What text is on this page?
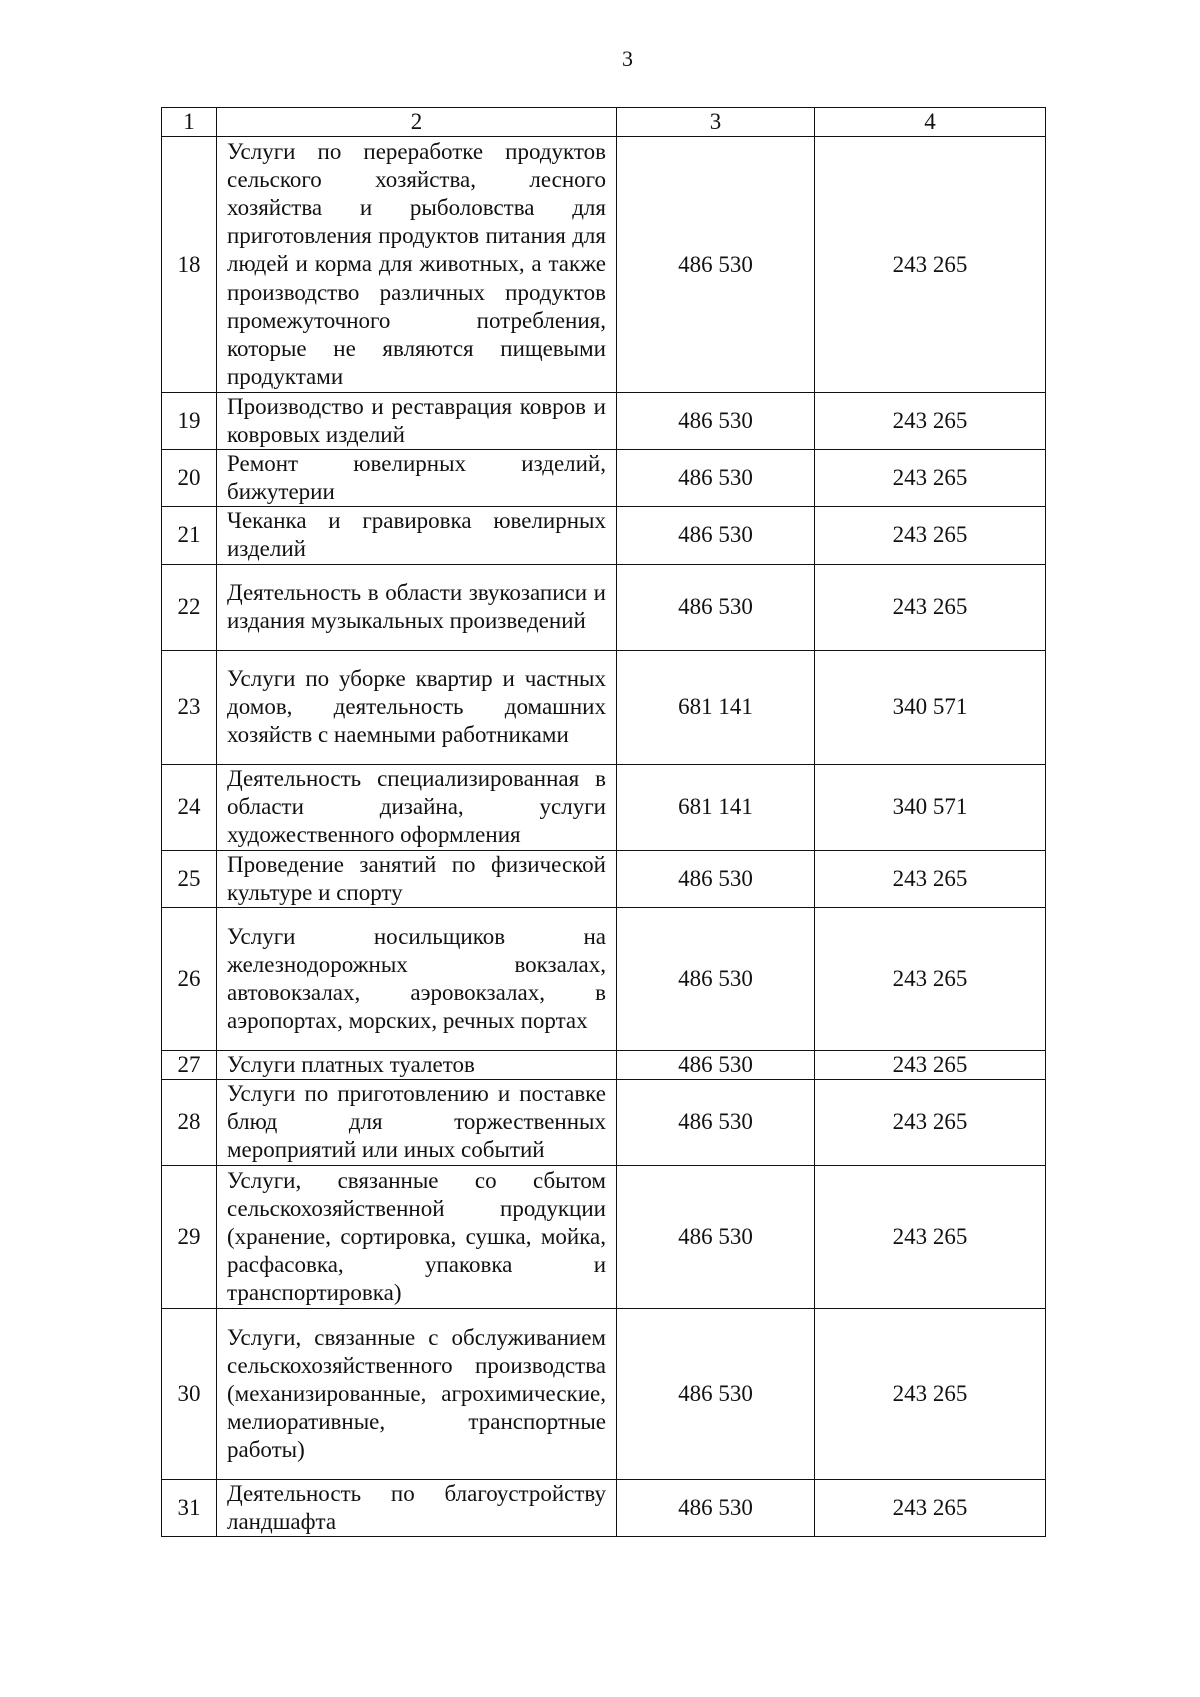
3
1	2	3	4
18	Услуги по переработке продуктов сельского хозяйства, лесного хозяйства и рыболовства для приготовления продуктов питания для людей и корма для животных, а также производство различных продуктов промежуточного потребления, которые не являются пищевыми продуктами	486 530	243 265
19	Производство и реставрация ковров и ковровых изделий	486 530	243 265
20	Ремонт ювелирных изделий, бижутерии	486 530	243 265
21	Чеканка и гравировка ювелирных изделий	486 530	243 265
22	Деятельность в области звукозаписи и издания музыкальных произведений	486 530	243 265
23	Услуги по уборке квартир и частных домов, деятельность домашних хозяйств с наемными работниками	681 141	340 571
24	Деятельность специализированная в области дизайна, услуги художественного оформления	681 141	340 571
25	Проведение занятий по физической культуре и спорту	486 530	243 265
26	Услуги носильщиков на железнодорожных вокзалах, автовокзалах, аэровокзалах, в аэропортах, морских, речных портах	486 530	243 265
27	Услуги платных туалетов	486 530	243 265
28	Услуги по приготовлению и поставке блюд для торжественных мероприятий или иных событий	486 530	243 265
29	Услуги, связанные со сбытом сельскохозяйственной продукции (хранение, сортировка, сушка, мойка, расфасовка, упаковка и транспортировка)	486 530	243 265
30	Услуги, связанные с обслуживанием сельскохозяйственного производства (механизированные, агрохимические, мелиоративные, транспортные работы)	486 530	243 265
31	Деятельность по благоустройству ландшафта	486 530	243 265
